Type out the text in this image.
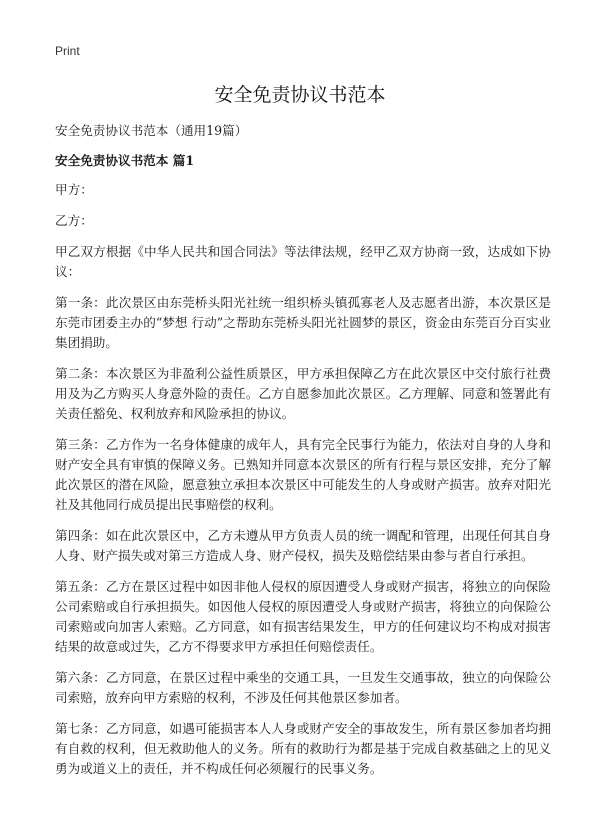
Print
安全免责协议书范本

安全免责协议书范本（通用19篇）

安全免责协议书范本 篇1

甲方：

乙方：

甲乙双方根据《中华人民共和国合同法》等法律法规，经甲乙双方协商一致，达成如下协议：

第一条：此次景区由东莞桥头阳光社统一组织桥头镇孤寡老人及志愿者出游，本次景区是东莞市团委主办的“梦想 行动”之帮助东莞桥头阳光社圆梦的景区，资金由东莞百分百实业集团捐助。

第二条：本次景区为非盈利公益性质景区，甲方承担保障乙方在此次景区中交付旅行社费用及为乙方购买人身意外险的责任。乙方自愿参加此次景区。乙方理解、同意和签署此有关责任豁免、权利放弃和风险承担的协议。

第三条：乙方作为一名身体健康的成年人，具有完全民事行为能力，依法对自身的人身和财产安全具有审慎的保障义务。已熟知并同意本次景区的所有行程与景区安排，充分了解此次景区的潜在风险，愿意独立承担本次景区中可能发生的人身或财产损害。放弃对阳光社及其他同行成员提出民事赔偿的权利。

第四条：如在此次景区中，乙方未遵从甲方负责人员的统一调配和管理，出现任何其自身人身、财产损失或对第三方造成人身、财产侵权，损失及赔偿结果由参与者自行承担。

第五条：乙方在景区过程中如因非他人侵权的原因遭受人身或财产损害，将独立的向保险公司索赔或自行承担损失。如因他人侵权的原因遭受人身或财产损害，将独立的向保险公司索赔或向加害人索赔。乙方同意，如有损害结果发生，甲方的任何建议均不构成对损害结果的故意或过失，乙方不得要求甲方承担任何赔偿责任。

第六条：乙方同意，在景区过程中乘坐的交通工具，一旦发生交通事故，独立的向保险公司索赔，放弃向甲方索赔的权利，不涉及任何其他景区参加者。

第七条：乙方同意，如遇可能损害本人人身或财产安全的事故发生，所有景区参加者均拥有自救的权利，但无救助他人的义务。所有的救助行为都是基于完成自救基础之上的见义勇为或道义上的责任，并不构成任何必须履行的民事义务。
